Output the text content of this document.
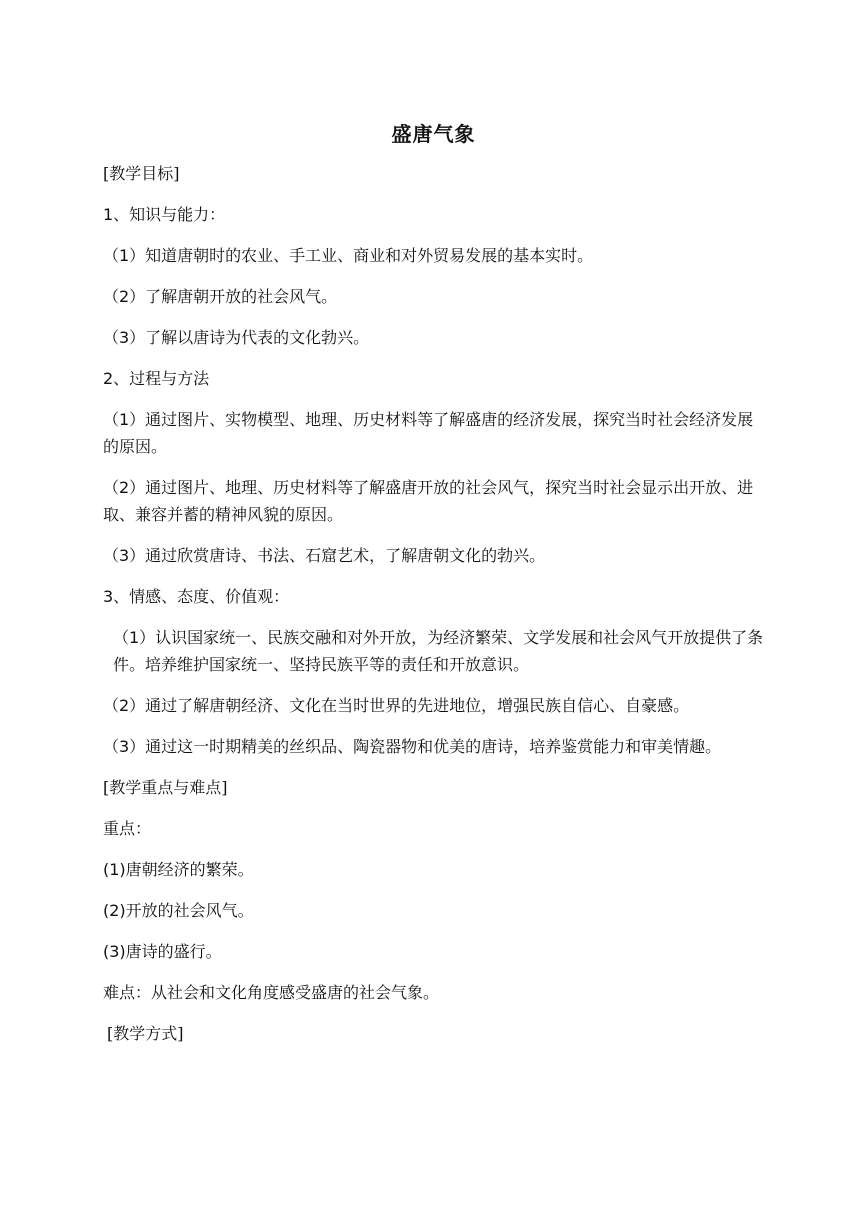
盛唐气象
[教学目标]
1、知识与能力：
（1）知道唐朝时的农业、手工业、商业和对外贸易发展的基本实时。
（2）了解唐朝开放的社会风气。
（3）了解以唐诗为代表的文化勃兴。
2、过程与方法
（1）通过图片、实物模型、地理、历史材料等了解盛唐的经济发展，探究当时社会经济发展的原因。
（2）通过图片、地理、历史材料等了解盛唐开放的社会风气，探究当时社会显示出开放、进取、兼容并蓄的精神风貌的原因。
（3）通过欣赏唐诗、书法、石窟艺术，了解唐朝文化的勃兴。
3、情感、态度、价值观：
（1）认识国家统一、民族交融和对外开放，为经济繁荣、文学发展和社会风气开放提供了条件。培养维护国家统一、坚持民族平等的责任和开放意识。
（2）通过了解唐朝经济、文化在当时世界的先进地位，增强民族自信心、自豪感。
（3）通过这一时期精美的丝织品、陶瓷器物和优美的唐诗，培养鉴赏能力和审美情趣。
[教学重点与难点]
重点：
(1)唐朝经济的繁荣。
(2)开放的社会风气。
(3)唐诗的盛行。
难点：从社会和文化角度感受盛唐的社会气象。
[教学方式]
